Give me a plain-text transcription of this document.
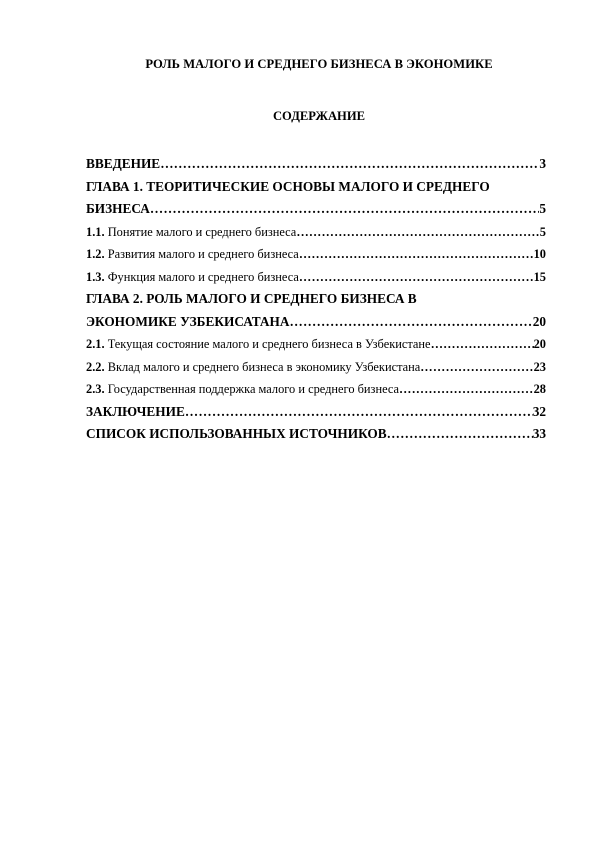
РОЛЬ МАЛОГО И СРЕДНЕГО БИЗНЕСА В ЭКОНОМИКЕ
СОДЕРЖАНИЕ
ВВЕДЕНИЕ ……………………………………………………………………………………………………………………………………………………	3
ГЛАВА 1. ТЕОРИТИЧЕСКИЕ ОСНОВЫ МАЛОГО И СРЕДНЕГО
БИЗНЕСА ……………………………………………………………………………………………………………………………………………………	5
1.1. Понятие малого и среднего бизнеса ……………………………………………………………………………………………………………………………………………………	5
1.2. Развития малого и среднего бизнеса ……………………………………………………………………………………………………………………………………………………	10
1.3. Функция малого и среднего бизнеса ……………………………………………………………………………………………………………………………………………………	15
ГЛАВА 2. РОЛЬ МАЛОГО И СРЕДНЕГО БИЗНЕСА В
ЭКОНОМИКЕ УЗБЕКИСАТАНА ……………………………………………………………………………………………………………………………………………………	20
2.1. Текущая состояние малого и среднего бизнеса в Узбекистане ……………………………………………………………………………………………………………………………………………………	20
2.2. Вклад малого и среднего бизнеса в экономику Узбекистана ……………………………………………………………………………………………………………………………………………………	23
2.3. Государственная поддержка малого и среднего бизнеса ……………………………………………………………………………………………………………………………………………………	28
ЗАКЛЮЧЕНИЕ ……………………………………………………………………………………………………………………………………………………	32
СПИСОК ИСПОЛЬЗОВАННЫХ ИСТОЧНИКОВ ……………………………………………………………………………………………………………………………………………………	33
